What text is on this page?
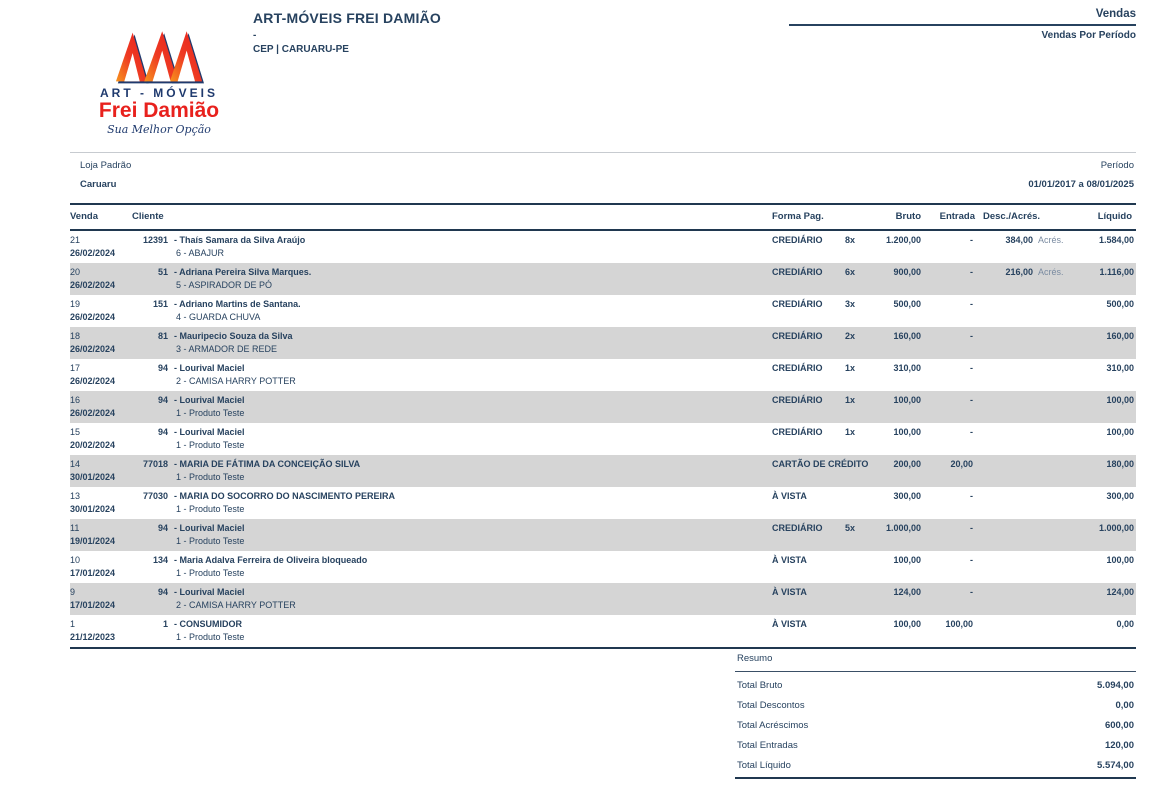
ART - MÓVEIS
Frei Damião
Sua Melhor Opção
ART-MÓVEIS FREI DAMIÃO
-
CEP | CARUARU-PE
Vendas
Vendas Por Período
Loja Padrão	Período
Caruaru	01/01/2017 a 08/01/2025
Venda	Cliente	Forma Pag.	Bruto	Entrada Desc./Acrés.	Líquido
21	12391 - Thaís Samara da Silva Araújo	CREDIÁRIO	8x	1.200,00	-	384,00 Acrés.	1.584,00
26/02/2024	6 - ABAJUR
20	51 - Adriana Pereira Silva Marques.	CREDIÁRIO	6x	900,00	-	216,00 Acrés.	1.116,00
26/02/2024	5 - ASPIRADOR DE PÓ
19	151 - Adriano Martins de Santana.	CREDIÁRIO	3x	500,00	-	500,00
26/02/2024	4 - GUARDA CHUVA
18	81 - Mauripecio Souza da Silva	CREDIÁRIO	2x	160,00	-	160,00
26/02/2024	3 - ARMADOR DE REDE
17	94 - Lourival Maciel	CREDIÁRIO	1x	310,00	-	310,00
26/02/2024	2 - CAMISA HARRY POTTER
16	94 - Lourival Maciel	CREDIÁRIO	1x	100,00	-	100,00
26/02/2024	1 - Produto Teste
15	94 - Lourival Maciel	CREDIÁRIO	1x	100,00	-	100,00
20/02/2024	1 - Produto Teste
14	77018 - MARIA DE FÁTIMA DA CONCEIÇÃO SILVA	CARTÃO DE CRÉDITO	200,00	20,00	180,00
30/01/2024	1 - Produto Teste
13	77030 - MARIA DO SOCORRO DO NASCIMENTO PEREIRA	À VISTA	300,00	-	300,00
30/01/2024	1 - Produto Teste
11	94 - Lourival Maciel	CREDIÁRIO	5x	1.000,00	-	1.000,00
19/01/2024	1 - Produto Teste
10	134 - Maria Adalva Ferreira de Oliveira bloqueado	À VISTA	100,00	-	100,00
17/01/2024	1 - Produto Teste
9	94 - Lourival Maciel	À VISTA	124,00	-	124,00
17/01/2024	2 - CAMISA HARRY POTTER
1	1 - CONSUMIDOR	À VISTA	100,00	100,00	0,00
21/12/2023	1 - Produto Teste
Resumo
Total Bruto	5.094,00
Total Descontos	0,00
Total Acréscimos	600,00
Total Entradas	120,00
Total Líquido	5.574,00
